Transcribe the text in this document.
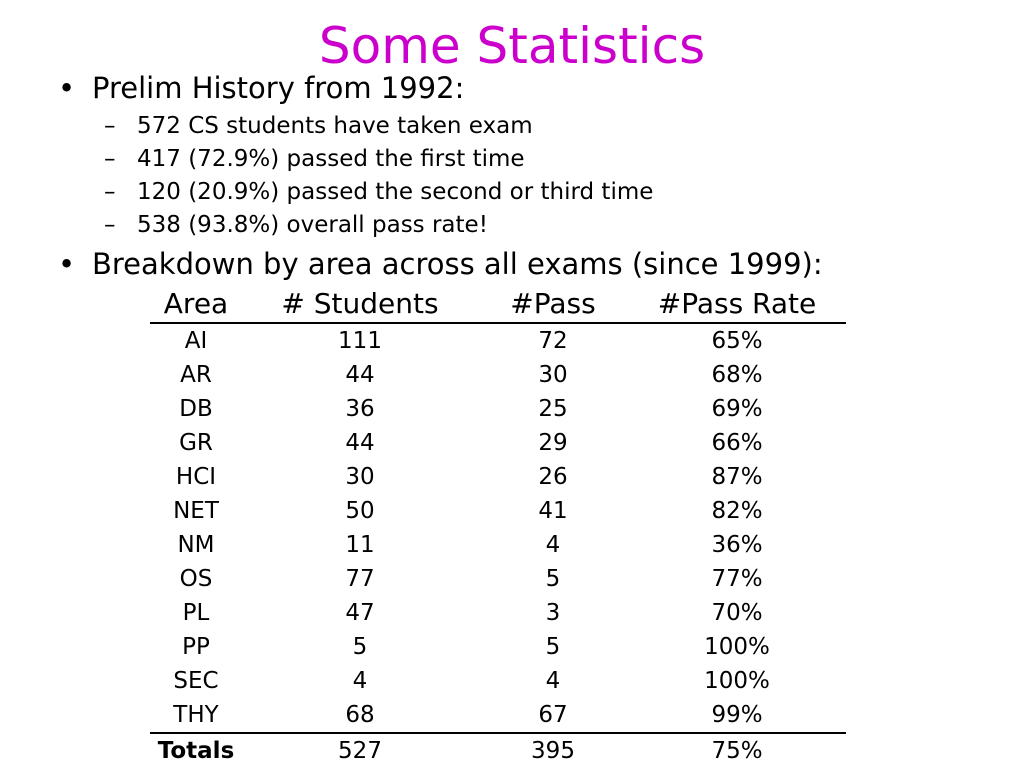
Some Statistics
• Prelim History from 1992:
– 572 CS students have taken exam
– 417 (72.9%) passed the first time
– 120 (20.9%) passed the second or third time
– 538 (93.8%) overall pass rate!
• Breakdown by area across all exams (since 1999):
Area	# Students	#Pass	#Pass Rate
AI	111	72	65%
AR	44	30	68%
DB	36	25	69%
GR	44	29	66%
HCI	30	26	87%
NET	50	41	82%
NM	11	4	36%
OS	77	5	77%
PL	47	3	70%
PP	5	5	100%
SEC	4	4	100%
THY	68	67	99%
Totals	527	395	75%
